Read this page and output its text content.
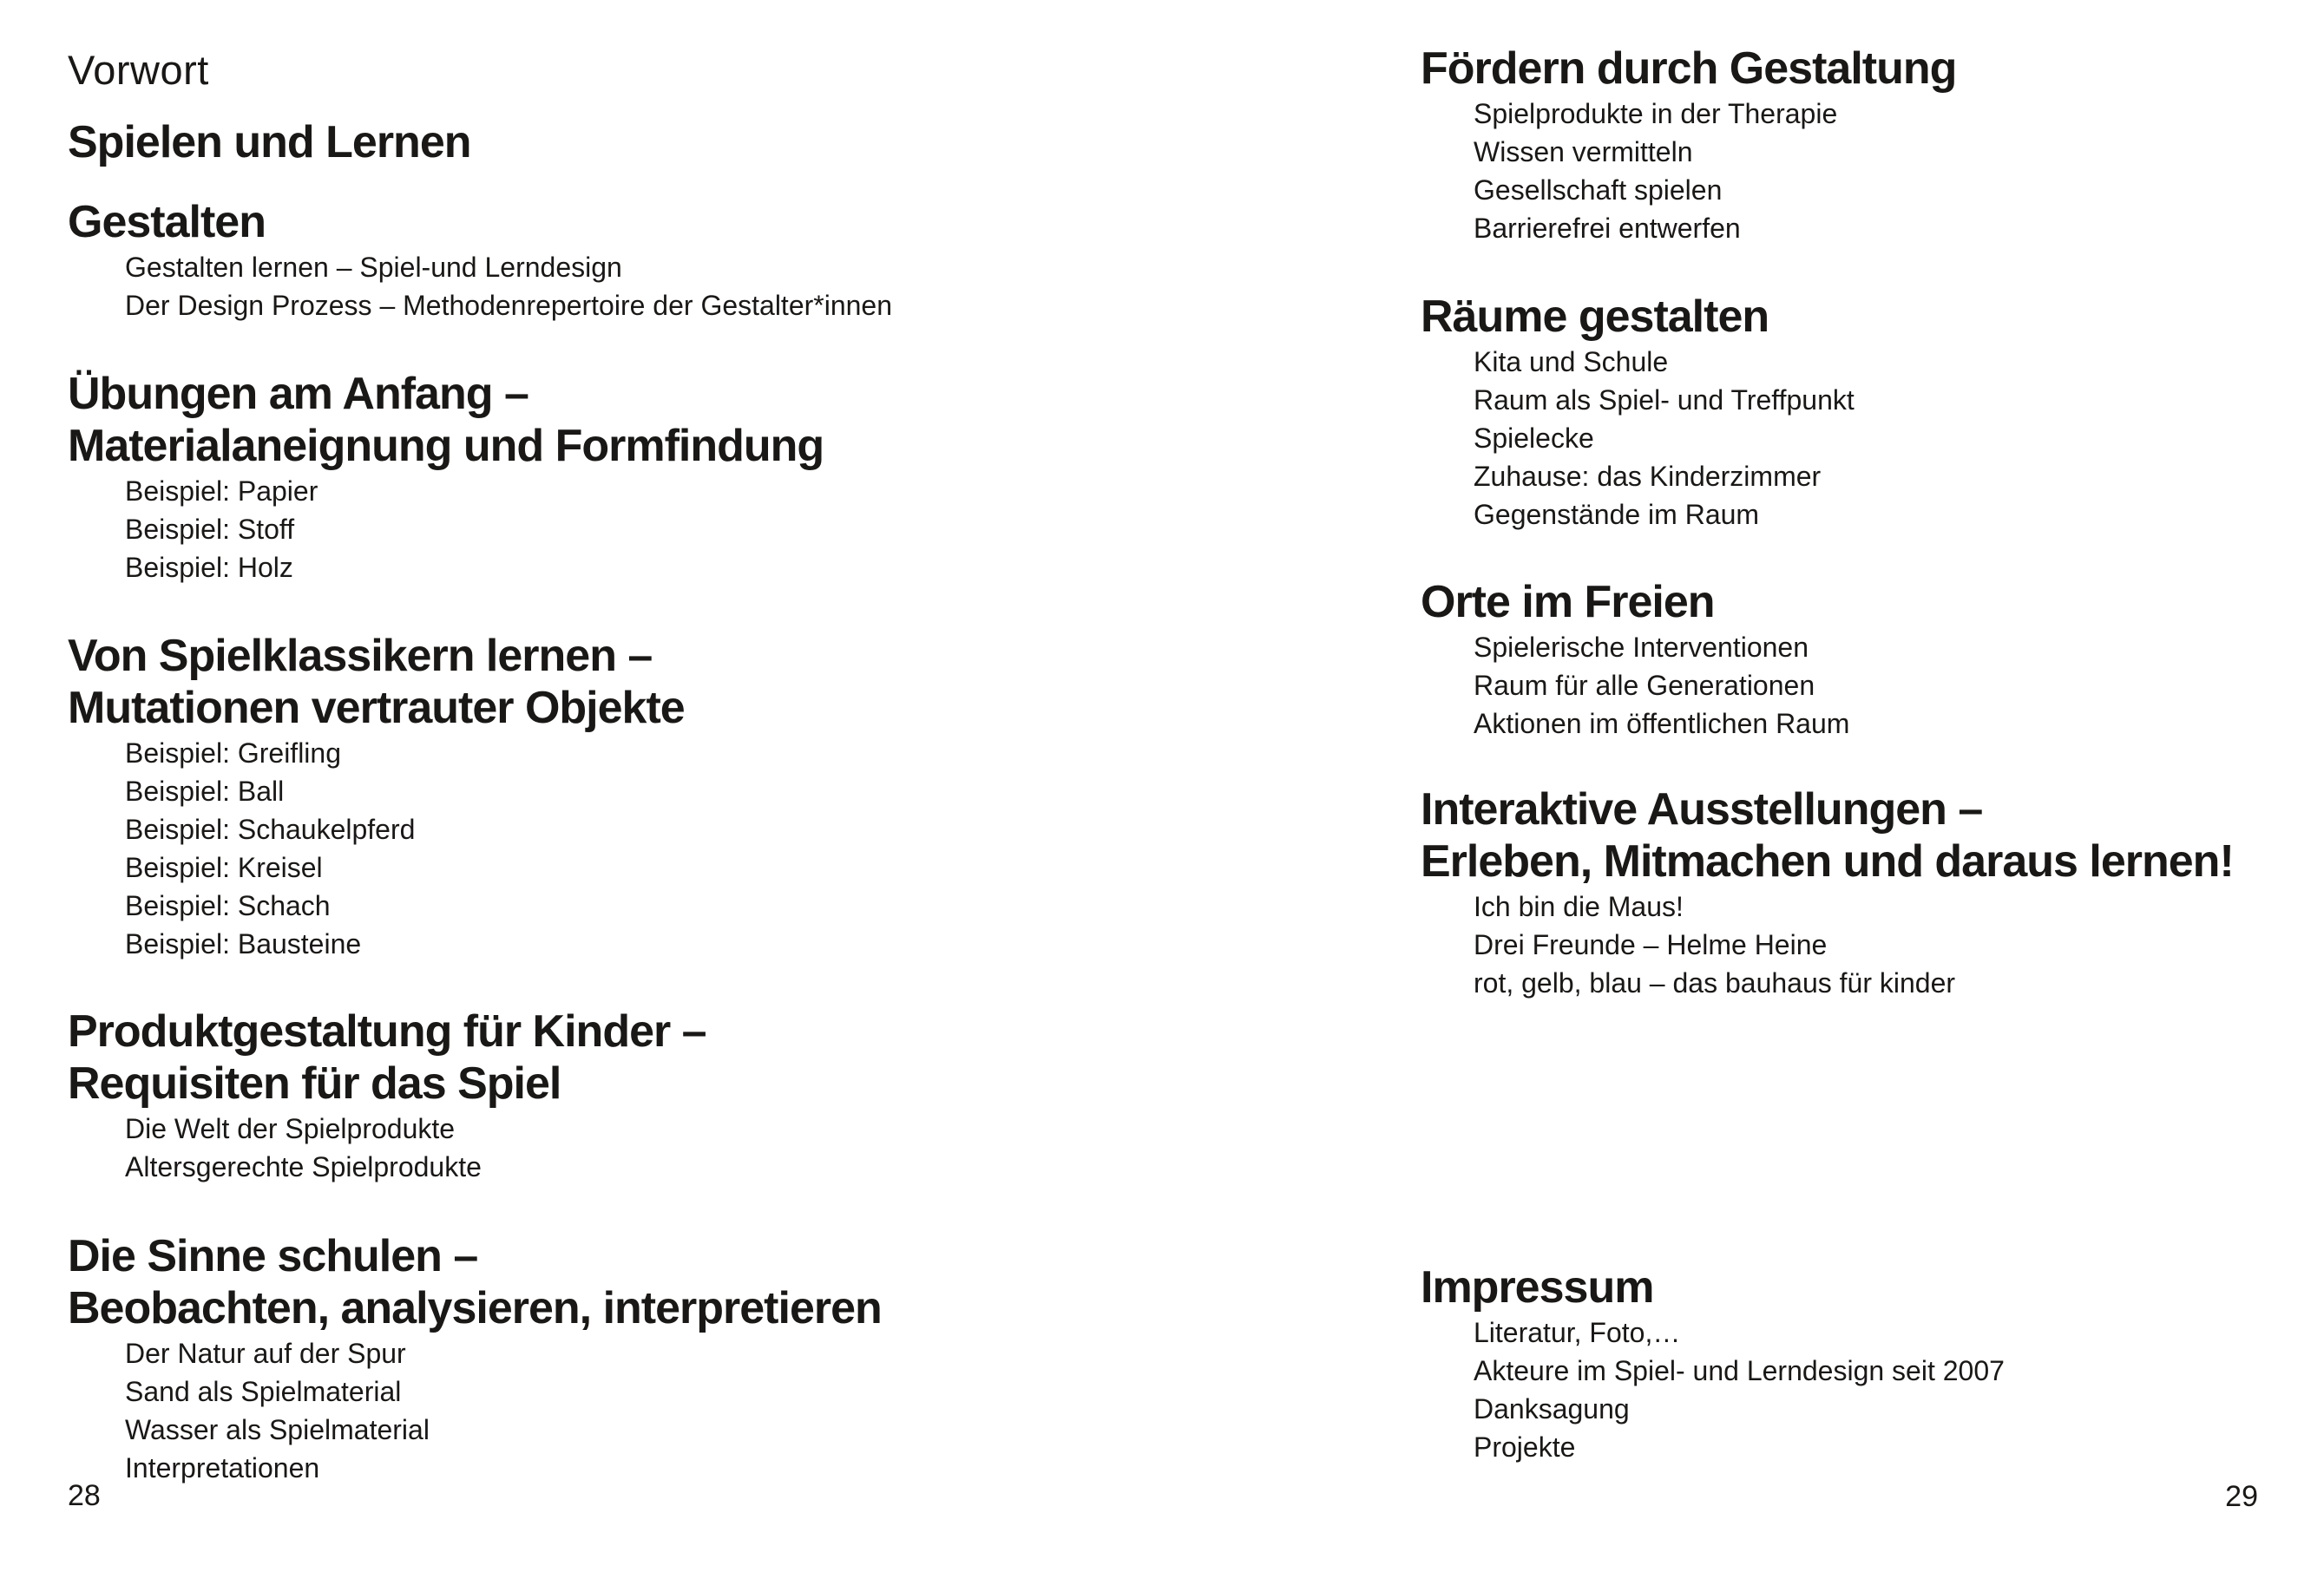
Vorwort
Spielen und Lernen
Gestalten
Gestalten lernen – Spiel-und Lerndesign
Der Design Prozess – Methodenrepertoire der Gestalter*innen
Übungen am Anfang –
Materialaneignung und Formfindung
Beispiel: Papier
Beispiel: Stoff
Beispiel: Holz
Von Spielklassikern lernen –
Mutationen vertrauter Objekte
Beispiel: Greifling
Beispiel: Ball
Beispiel: Schaukelpferd
Beispiel: Kreisel
Beispiel: Schach
Beispiel: Bausteine
Produktgestaltung für Kinder –
Requisiten für das Spiel
Die Welt der Spielprodukte
Altersgerechte Spielprodukte
Die Sinne schulen –
Beobachten, analysieren, interpretieren
Der Natur auf der Spur
Sand als Spielmaterial
Wasser als Spielmaterial
Interpretationen
28
Fördern durch Gestaltung
Spielprodukte in der Therapie
Wissen vermitteln
Gesellschaft spielen
Barrierefrei entwerfen
Räume gestalten
Kita und Schule
Raum als Spiel- und Treffpunkt
Spielecke
Zuhause: das Kinderzimmer
Gegenstände im Raum
Orte im Freien
Spielerische Interventionen
Raum für alle Generationen
Aktionen im öffentlichen Raum
Interaktive Ausstellungen –
Erleben, Mitmachen und daraus lernen!
Ich bin die Maus!
Drei Freunde – Helme Heine
rot, gelb, blau – das bauhaus für kinder
Impressum
Literatur, Foto,…
Akteure im Spiel- und Lerndesign seit 2007
Danksagung
Projekte
29
